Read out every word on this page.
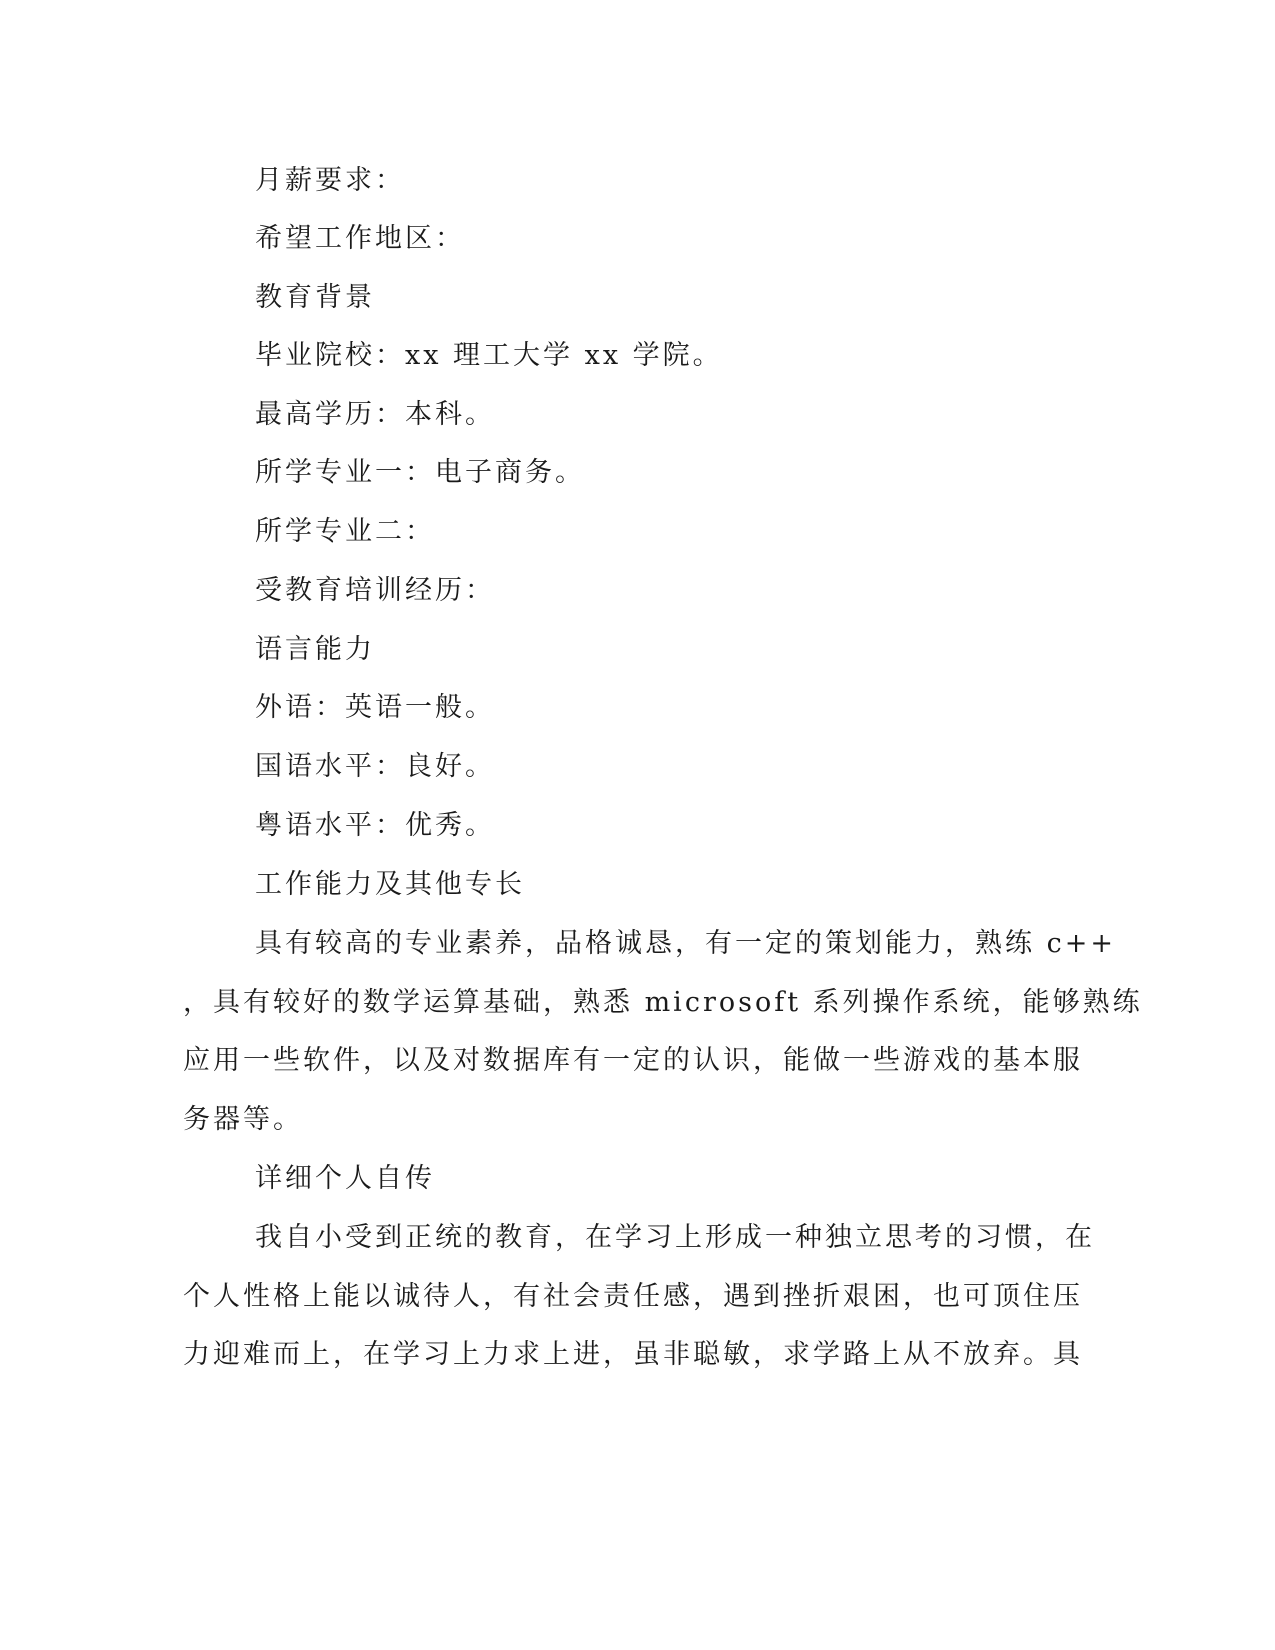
月薪要求：
希望工作地区：
教育背景
毕业院校：xx 理工大学 xx 学院。
最高学历：本科。
所学专业一：电子商务。
所学专业二：
受教育培训经历：
语言能力
外语：英语一般。
国语水平：良好。
粤语水平：优秀。
工作能力及其他专长
具有较高的专业素养，品格诚恳，有一定的策划能力，熟练 c++
，具有较好的数学运算基础，熟悉 microsoft 系列操作系统，能够熟练
应用一些软件，以及对数据库有一定的认识，能做一些游戏的基本服
务器等。
详细个人自传
我自小受到正统的教育，在学习上形成一种独立思考的习惯，在
个人性格上能以诚待人，有社会责任感，遇到挫折艰困，也可顶住压
力迎难而上，在学习上力求上进，虽非聪敏，求学路上从不放弃。具
